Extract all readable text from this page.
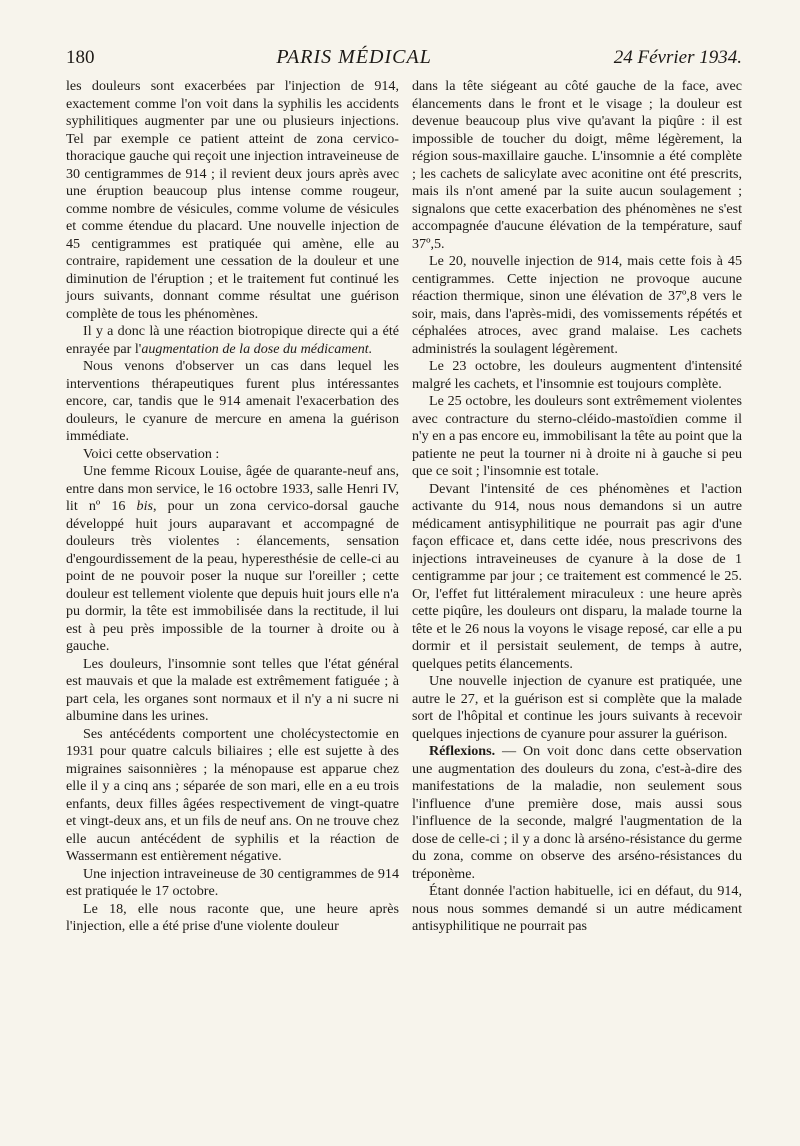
180	PARIS MÉDICAL	24 Février 1934.

les douleurs sont exacerbées par l'injection de 914, exactement comme l'on voit dans la syphilis les accidents syphilitiques augmenter par une ou plusieurs injections. Tel par exemple ce patient atteint de zona cervico-thoracique gauche qui reçoit une injection intraveineuse de 30 centigrammes de 914 ; il revient deux jours après avec une éruption beaucoup plus intense comme rougeur, comme nombre de vésicules, comme volume de vésicules et comme étendue du placard. Une nouvelle injection de 45 centigrammes est pratiquée qui amène, elle au contraire, rapidement une cessation de la douleur et une diminution de l'éruption ; et le traitement fut continué les jours suivants, donnant comme résultat une guérison complète de tous les phénomènes.

Il y a donc là une réaction biotropique directe qui a été enrayée par l'augmentation de la dose du médicament.

Nous venons d'observer un cas dans lequel les interventions thérapeutiques furent plus intéressantes encore, car, tandis que le 914 amenait l'exacerbation des douleurs, le cyanure de mercure en amena la guérison immédiate.

Voici cette observation :

Une femme Ricoux Louise, âgée de quarante-neuf ans, entre dans mon service, le 16 octobre 1933, salle Henri IV, lit nº 16 bis, pour un zona cervico-dorsal gauche développé huit jours auparavant et accompagné de douleurs très violentes : élancements, sensation d'engourdissement de la peau, hyperesthésie de celle-ci au point de ne pouvoir poser la nuque sur l'oreiller ; cette douleur est tellement violente que depuis huit jours elle n'a pu dormir, la tête est immobilisée dans la rectitude, il lui est à peu près impossible de la tourner à droite ou à gauche.

Les douleurs, l'insomnie sont telles que l'état général est mauvais et que la malade est extrêmement fatiguée ; à part cela, les organes sont normaux et il n'y a ni sucre ni albumine dans les urines.

Ses antécédents comportent une cholécystectomie en 1931 pour quatre calculs biliaires ; elle est sujette à des migraines saisonnières ; la ménopause est apparue chez elle il y a cinq ans ; séparée de son mari, elle en a eu trois enfants, deux filles âgées respectivement de vingt-quatre et vingt-deux ans, et un fils de neuf ans. On ne trouve chez elle aucun antécédent de syphilis et la réaction de Wassermann est entièrement négative.

Une injection intraveineuse de 30 centigrammes de 914 est pratiquée le 17 octobre.

Le 18, elle nous raconte que, une heure après l'injection, elle a été prise d'une violente douleur

dans la tête siégeant au côté gauche de la face, avec élancements dans le front et le visage ; la douleur est devenue beaucoup plus vive qu'avant la piqûre : il est impossible de toucher du doigt, même légèrement, la région sous-maxillaire gauche. L'insomnie a été complète ; les cachets de salicylate avec aconitine ont été prescrits, mais ils n'ont amené par la suite aucun soulagement ; signalons que cette exacerbation des phénomènes ne s'est accompagnée d'aucune élévation de la température, sauf 37º,5.

Le 20, nouvelle injection de 914, mais cette fois à 45 centigrammes. Cette injection ne provoque aucune réaction thermique, sinon une élévation de 37º,8 vers le soir, mais, dans l'après-midi, des vomissements répétés et céphalées atroces, avec grand malaise. Les cachets administrés la soulagent légèrement.

Le 23 octobre, les douleurs augmentent d'intensité malgré les cachets, et l'insomnie est toujours complète.

Le 25 octobre, les douleurs sont extrêmement violentes avec contracture du sterno-cléido-mastoïdien comme il n'y en a pas encore eu, immobilisant la tête au point que la patiente ne peut la tourner ni à droite ni à gauche si peu que ce soit ; l'insomnie est totale.

Devant l'intensité de ces phénomènes et l'action activante du 914, nous nous demandons si un autre médicament antisyphilitique ne pourrait pas agir d'une façon efficace et, dans cette idée, nous prescrivons des injections intraveineuses de cyanure à la dose de 1 centigramme par jour ; ce traitement est commencé le 25. Or, l'effet fut littéralement miraculeux : une heure après cette piqûre, les douleurs ont disparu, la malade tourne la tête et le 26 nous la voyons le visage reposé, car elle a pu dormir et il persistait seulement, de temps à autre, quelques petits élancements.

Une nouvelle injection de cyanure est pratiquée, une autre le 27, et la guérison est si complète que la malade sort de l'hôpital et continue les jours suivants à recevoir quelques injections de cyanure pour assurer la guérison.

Réflexions. — On voit donc dans cette observation une augmentation des douleurs du zona, c'est-à-dire des manifestations de la maladie, non seulement sous l'influence d'une première dose, mais aussi sous l'influence de la seconde, malgré l'augmentation de la dose de celle-ci ; il y a donc là arséno-résistance du germe du zona, comme on observe des arséno-résistances du tréponème.

Étant donnée l'action habituelle, ici en défaut, du 914, nous nous sommes demandé si un autre médicament antisyphilitique ne pourrait pas
